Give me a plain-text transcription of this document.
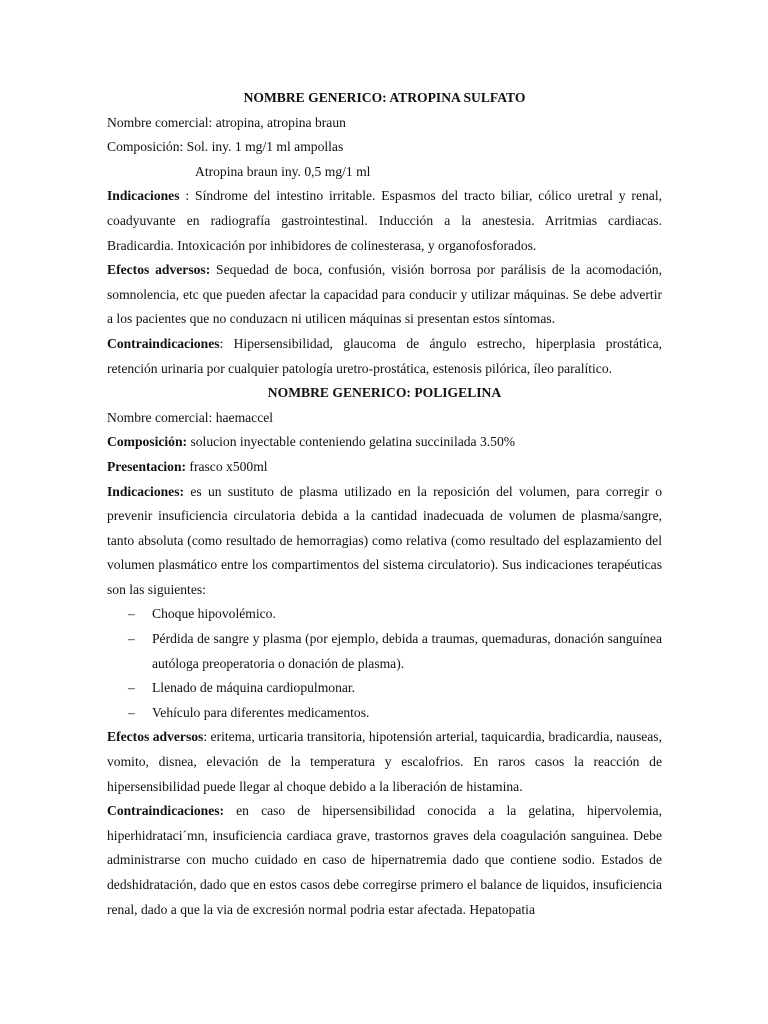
NOMBRE GENERICO: ATROPINA SULFATO

Nombre comercial: atropina, atropina braun

Composición: Sol. iny. 1 mg/1 ml ampollas

Atropina braun iny. 0,5 mg/1 ml

Indicaciones : Síndrome del intestino irritable. Espasmos del tracto biliar, cólico uretral y renal, coadyuvante en radiografía gastrointestinal. Inducción a la anestesia. Arritmias cardiacas. Bradicardia. Intoxicación por inhibidores de colinesterasa, y organofosforados.

Efectos adversos: Sequedad de boca, confusión, visión borrosa por parálisis de la acomodación, somnolencia, etc que pueden afectar la capacidad para conducir y utilizar máquinas. Se debe advertir a los pacientes que no conduzacn ni utilicen máquinas si presentan estos síntomas.

Contraindicaciones: Hipersensibilidad, glaucoma de ángulo estrecho, hiperplasia prostática, retención urinaria por cualquier patología uretro-prostática, estenosis pilórica, íleo paralítico.

NOMBRE GENERICO: POLIGELINA

Nombre comercial: haemaccel

Composición: solucion inyectable conteniendo gelatina succinilada 3.50%

Presentacion: frasco x500ml

Indicaciones: es un sustituto de plasma utilizado en la reposición del volumen, para corregir o prevenir insuficiencia circulatoria debida a la cantidad inadecuada de volumen de plasma/sangre, tanto absoluta (como resultado de hemorragias) como relativa (como resultado del esplazamiento del volumen plasmático entre los compartimentos del sistema circulatorio). Sus indicaciones terapéuticas son las siguientes:

– Choque hipovolémico.
– Pérdida de sangre y plasma (por ejemplo, debida a traumas, quemaduras, donación sanguínea autóloga preoperatoria o donación de plasma).
– Llenado de máquina cardiopulmonar.
– Vehículo para diferentes medicamentos.

Efectos adversos: eritema, urticaria transitoria, hipotensión arterial, taquicardia, bradicardia, nauseas, vomito, disnea, elevación de la temperatura y escalofrios. En raros casos la reacción de hipersensibilidad puede llegar al choque debido a la liberación de histamina.

Contraindicaciones: en caso de hipersensibilidad conocida a la gelatina, hipervolemia, hiperhidrataci´mn, insuficiencia cardiaca grave, trastornos graves dela coagulación sanguinea. Debe administrarse con mucho cuidado en caso de hipernatremia dado que contiene sodio. Estados de dedshidratación, dado que en estos casos debe corregirse primero el balance de liquidos, insuficiencia renal, dado a que la via de excresión normal podria estar afectada. Hepatopatia
